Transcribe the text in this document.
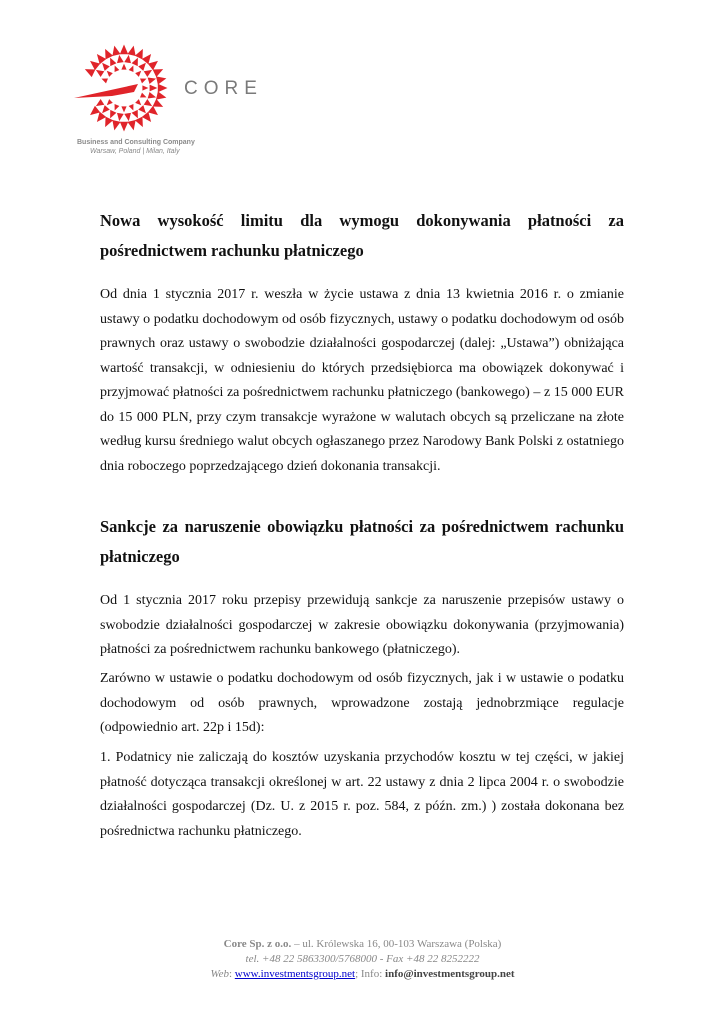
CORE
Business and Consulting Company
Warsaw, Poland | Milan, Italy
Nowa wysokość limitu dla wymogu dokonywania płatności za pośrednictwem rachunku płatniczego
Od dnia 1 stycznia 2017 r. weszła w życie ustawa z dnia 13 kwietnia 2016 r. o zmianie ustawy o podatku dochodowym od osób fizycznych, ustawy o podatku dochodowym od osób prawnych oraz ustawy o swobodzie działalności gospodarczej (dalej: „Ustawa”) obniżająca wartość transakcji, w odniesieniu do których przedsiębiorca ma obowiązek dokonywać i przyjmować płatności za pośrednictwem rachunku płatniczego (bankowego) – z 15 000 EUR do 15 000 PLN, przy czym transakcje wyrażone w walutach obcych są przeliczane na złote według kursu średniego walut obcych ogłaszanego przez Narodowy Bank Polski z ostatniego dnia roboczego poprzedzającego dzień dokonania transakcji.
Sankcje za naruszenie obowiązku płatności za pośrednictwem rachunku płatniczego
Od 1 stycznia 2017 roku przepisy przewidują sankcje za naruszenie przepisów ustawy o swobodzie działalności gospodarczej w zakresie obowiązku dokonywania (przyjmowania) płatności za pośrednictwem rachunku bankowego (płatniczego).
Zarówno w ustawie o podatku dochodowym od osób fizycznych, jak i w ustawie o podatku dochodowym od osób prawnych, wprowadzone zostają jednobrzmiące regulacje (odpowiednio art. 22p i 15d):
1. Podatnicy nie zaliczają do kosztów uzyskania przychodów kosztu w tej części, w jakiej płatność dotycząca transakcji określonej w art. 22 ustawy z dnia 2 lipca 2004 r. o swobodzie działalności gospodarczej (Dz. U. z 2015 r. poz. 584, z późn. zm.) ) została dokonana bez pośrednictwa rachunku płatniczego.
Core Sp. z o.o. – ul. Królewska 16, 00-103 Warszawa (Polska)
tel. +48 22 5863300/5768000 - Fax +48 22 8252222
Web: www.investmentsgroup.net; Info: info@investmentsgroup.net
